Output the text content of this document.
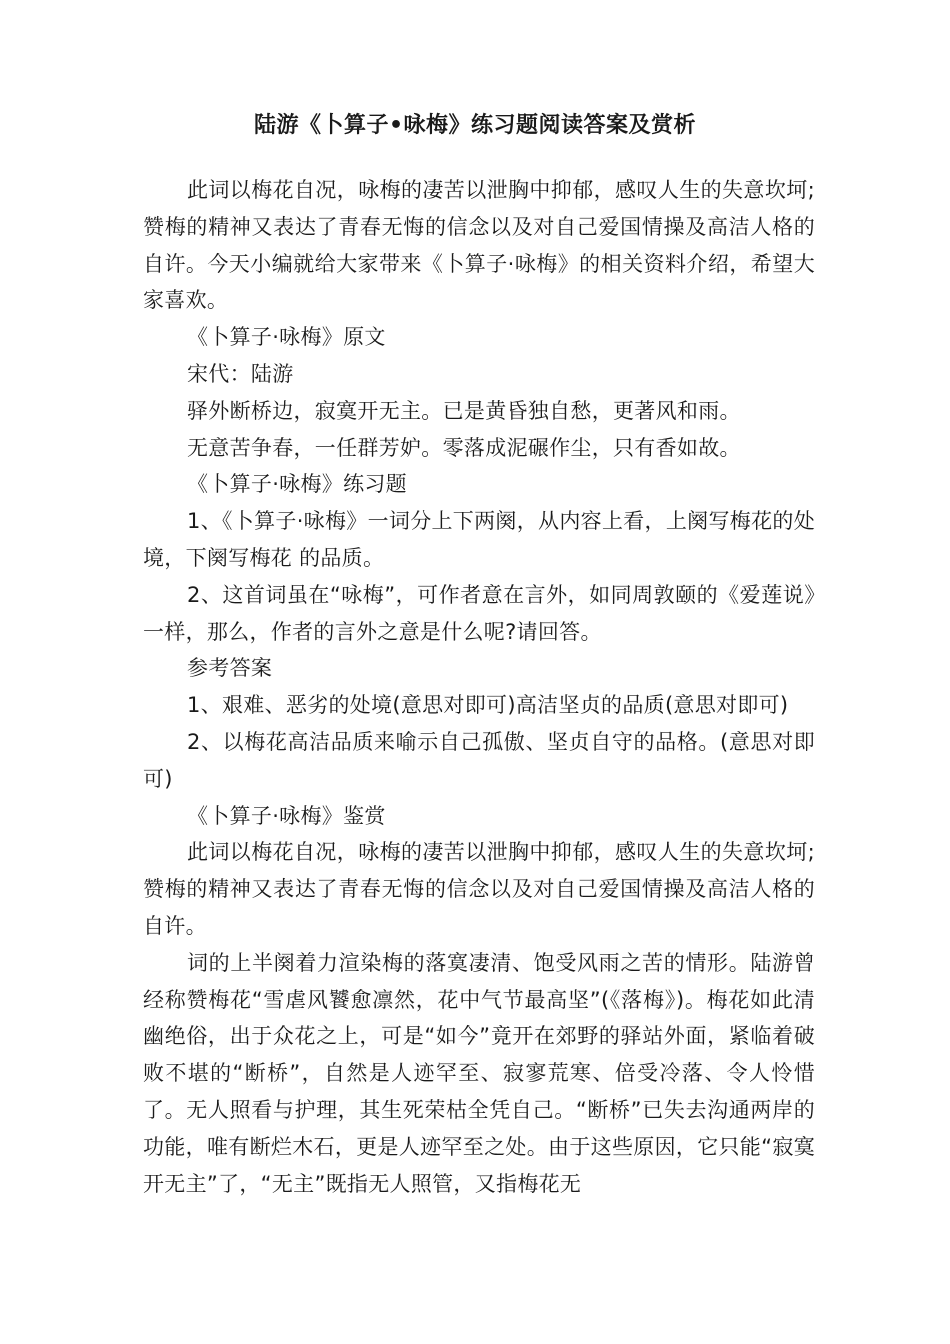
陆游《卜算子•咏梅》练习题阅读答案及赏析

此词以梅花自况，咏梅的凄苦以泄胸中抑郁，感叹人生的失意坎坷;赞梅的精神又表达了青春无悔的信念以及对自己爱国情操及高洁人格的自许。今天小编就给大家带来《卜算子·咏梅》的相关资料介绍，希望大家喜欢。

《卜算子·咏梅》原文

宋代：陆游

驿外断桥边，寂寞开无主。已是黄昏独自愁，更著风和雨。

无意苦争春，一任群芳妒。零落成泥碾作尘，只有香如故。

《卜算子·咏梅》练习题

1、《卜算子·咏梅》一词分上下两阕，从内容上看，上阕写梅花的处境，下阕写梅花 的品质。

2、这首词虽在“咏梅”，可作者意在言外，如同周敦颐的《爱莲说》一样，那么，作者的言外之意是什么呢?请回答。

参考答案

1、艰难、恶劣的处境(意思对即可)高洁坚贞的品质(意思对即可)

2、以梅花高洁品质来喻示自己孤傲、坚贞自守的品格。(意思对即可)

《卜算子·咏梅》鉴赏

此词以梅花自况，咏梅的凄苦以泄胸中抑郁，感叹人生的失意坎坷;赞梅的精神又表达了青春无悔的信念以及对自己爱国情操及高洁人格的自许。

词的上半阕着力渲染梅的落寞凄清、饱受风雨之苦的情形。陆游曾经称赞梅花“雪虐风饕愈凛然，花中气节最高坚”(《落梅》)。梅花如此清幽绝俗，出于众花之上，可是“如今”竟开在郊野的驿站外面，紧临着破败不堪的“断桥”，自然是人迹罕至、寂寥荒寒、倍受冷落、令人怜惜了。无人照看与护理，其生死荣枯全凭自己。“断桥”已失去沟通两岸的功能，唯有断烂木石，更是人迹罕至之处。由于这些原因，它只能“寂寞开无主”了，“无主”既指无人照管，又指梅花无
